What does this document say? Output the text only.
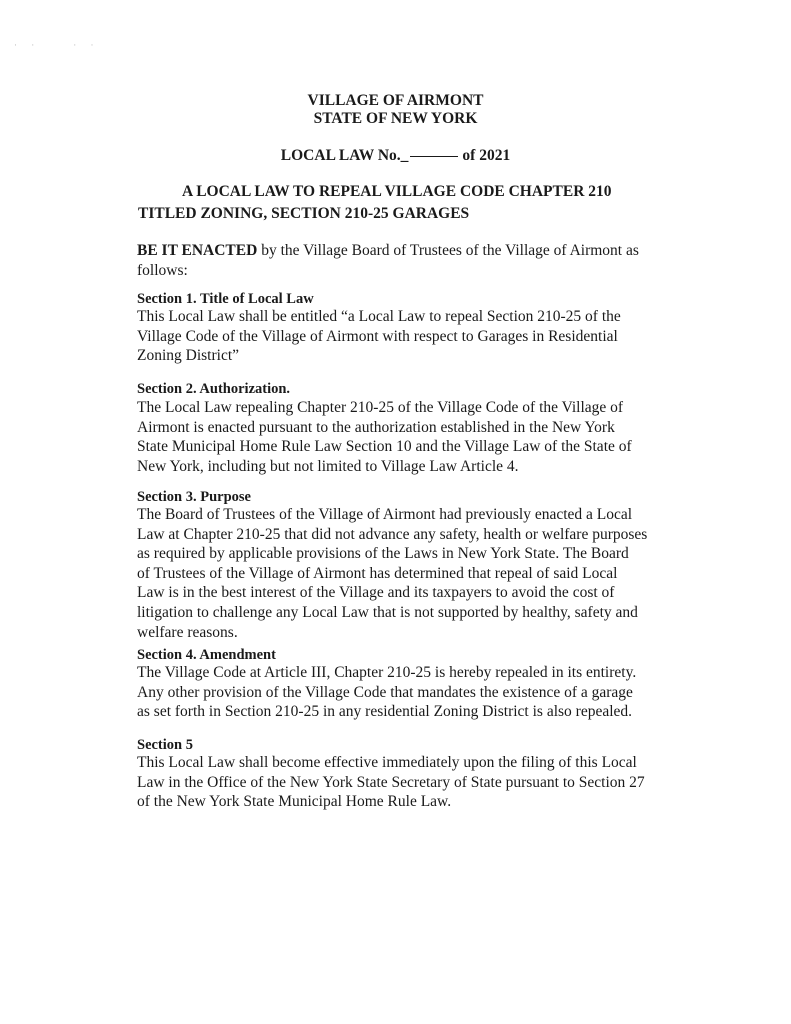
· ·    · ·
VILLAGE OF AIRMONT
STATE OF NEW YORK
LOCAL LAW No._	of 2021
A LOCAL LAW TO REPEAL VILLAGE CODE CHAPTER 210
TITLED ZONING, SECTION 210-25 GARAGES
BE IT ENACTED by the Village Board of Trustees of the Village of Airmont as
follows:
Section 1. Title of Local Law
This Local Law shall be entitled “a Local Law to repeal Section 210-25 of the
Village Code of the Village of Airmont with respect to Garages in Residential
Zoning District”
Section 2. Authorization.
The Local Law repealing Chapter 210-25 of the Village Code of the Village of
Airmont is enacted pursuant to the authorization established in the New York
State Municipal Home Rule Law Section 10 and the Village Law of the State of
New York, including but not limited to Village Law Article 4.
Section 3. Purpose
The Board of Trustees of the Village of Airmont had previously enacted a Local
Law at Chapter 210-25 that did not advance any safety, health or welfare purposes
as required by applicable provisions of the Laws in New York State. The Board
of Trustees of the Village of Airmont has determined that repeal of said Local
Law is in the best interest of the Village and its taxpayers to avoid the cost of
litigation to challenge any Local Law that is not supported by healthy, safety and
welfare reasons.
Section 4. Amendment
The Village Code at Article III, Chapter 210-25 is hereby repealed in its entirety.
Any other provision of the Village Code that mandates the existence of a garage
as set forth in Section 210-25 in any residential Zoning District is also repealed.
Section 5
This Local Law shall become effective immediately upon the filing of this Local
Law in the Office of the New York State Secretary of State pursuant to Section 27
of the New York State Municipal Home Rule Law.
